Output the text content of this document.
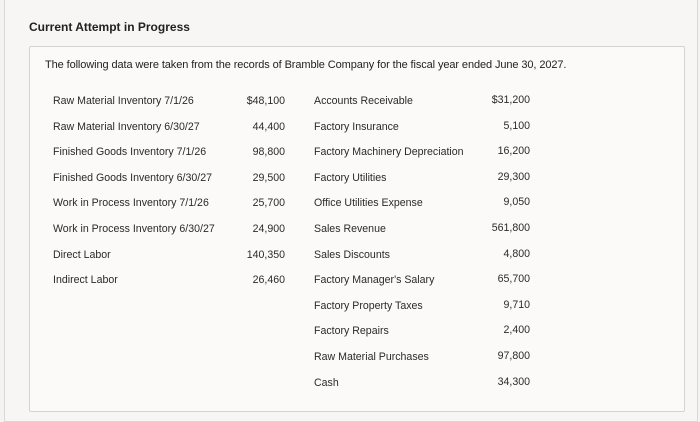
Current Attempt in Progress
The following data were taken from the records of Bramble Company for the fiscal year ended June 30, 2027.
Raw Material Inventory 7/1/26
Raw Material Inventory 6/30/27
Finished Goods Inventory 7/1/26
Finished Goods Inventory 6/30/27
Work in Process Inventory 7/1/26
Work in Process Inventory 6/30/27
Direct Labor
Indirect Labor
$48,100
44,400
98,800
29,500
25,700
24,900
140,350
26,460
Accounts Receivable
Factory Insurance
Factory Machinery Depreciation
Factory Utilities
Office Utilities Expense
Sales Revenue
Sales Discounts
Factory Manager's Salary
Factory Property Taxes
Factory Repairs
Raw Material Purchases
Cash
$31,200
5,100
16,200
29,300
9,050
561,800
4,800
65,700
9,710
2,400
97,800
34,300
